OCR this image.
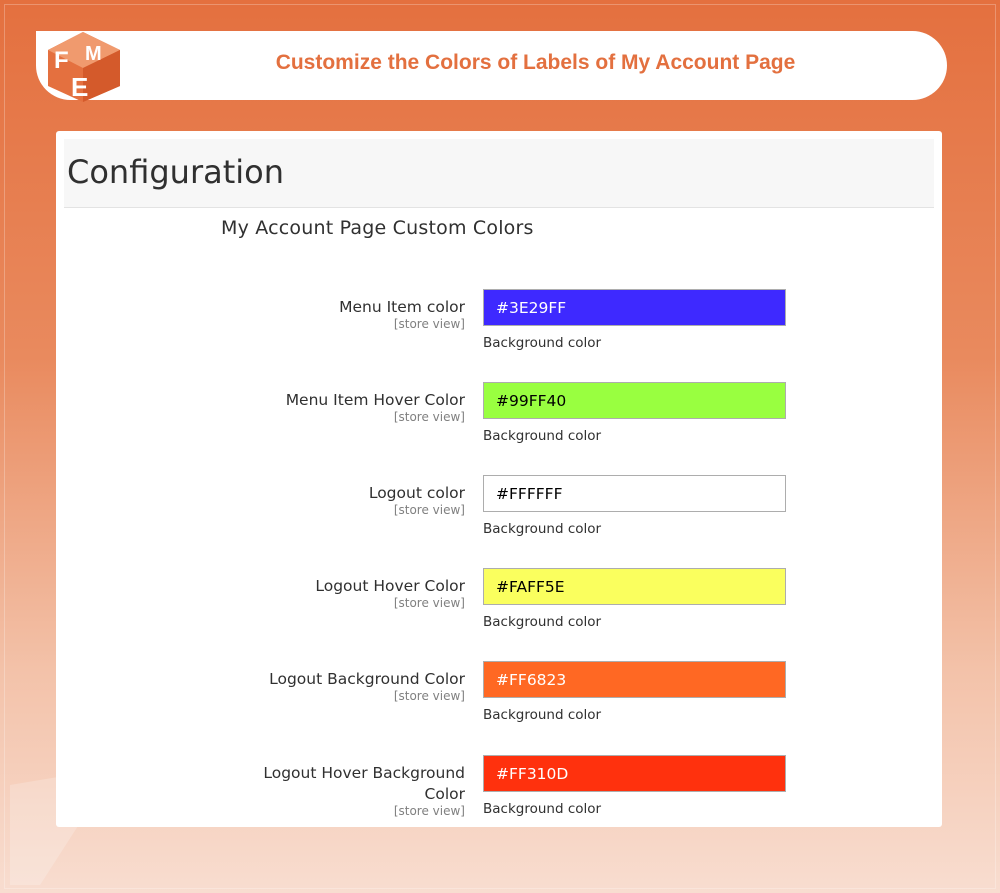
Customize the Colors of Labels of My Account Page
F M
E
Configuration
My Account Page Custom Colors
Menu Item color
[store view]
#3E29FF
Background color
Menu Item Hover Color
[store view]
#99FF40
Background color
Logout color
[store view]
#FFFFFF
Background color
Logout Hover Color
[store view]
#FAFF5E
Background color
Logout Background Color
[store view]
#FF6823
Background color
Logout Hover Background Color
[store view]
#FF310D Background color
